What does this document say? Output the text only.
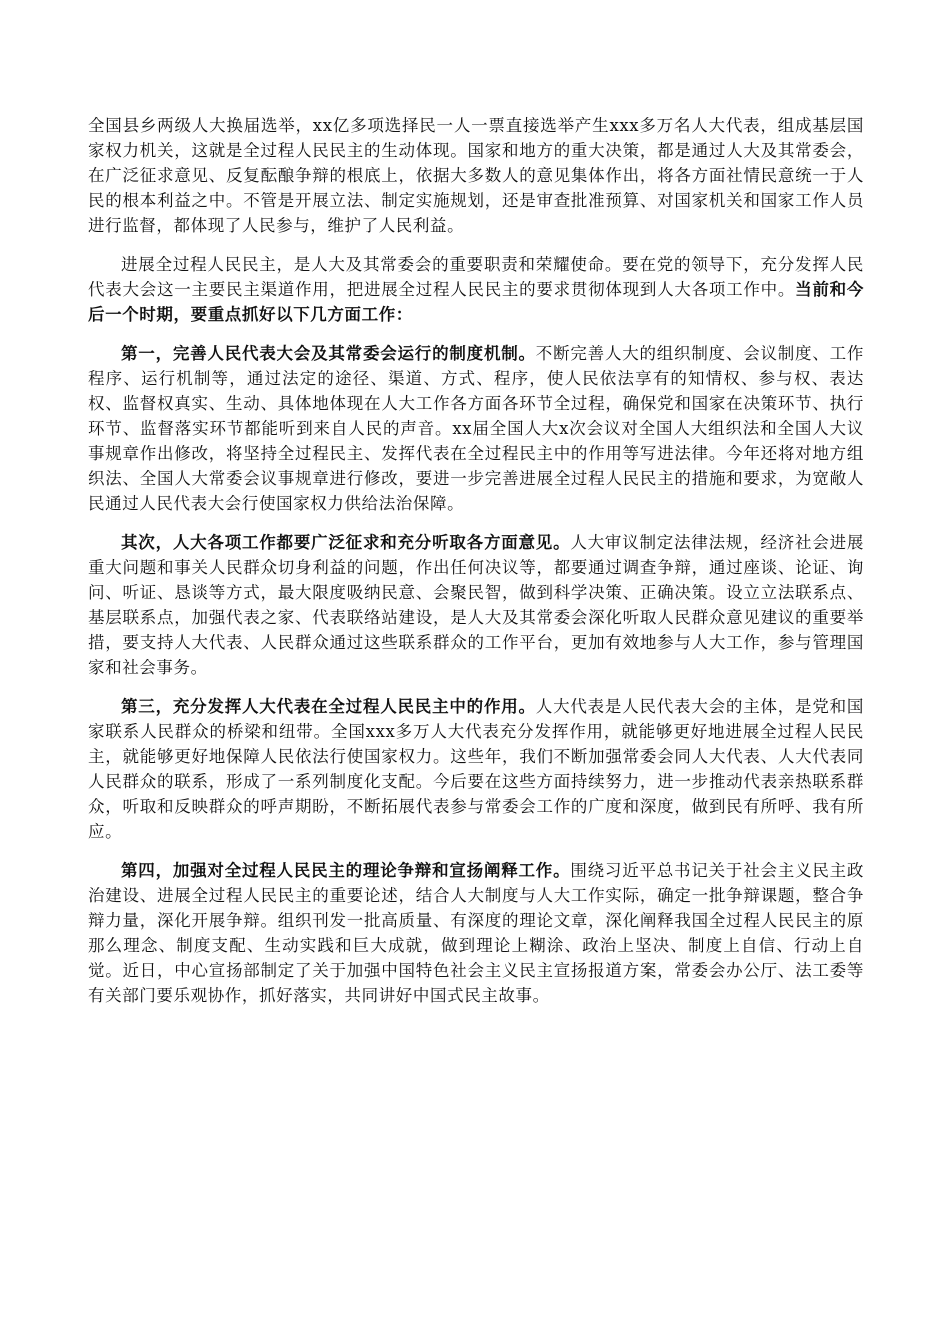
全国县乡两级人大换届选举，xx亿多项选择民一人一票直接选举产生xxx多万名人大代表，组成基层国家权力机关，这就是全过程人民民主的生动体现。国家和地方的重大决策，都是通过人大及其常委会，在广泛征求意见、反复酝酿争辩的根底上，依据大多数人的意见集体作出，将各方面社情民意统一于人民的根本利益之中。不管是开展立法、制定实施规划，还是审查批准预算、对国家机关和国家工作人员进行监督，都体现了人民参与，维护了人民利益。

进展全过程人民民主，是人大及其常委会的重要职责和荣耀使命。要在党的领导下，充分发挥人民代表大会这一主要民主渠道作用，把进展全过程人民民主的要求贯彻体现到人大各项工作中。当前和今后一个时期，要重点抓好以下几方面工作：

第一，完善人民代表大会及其常委会运行的制度机制。不断完善人大的组织制度、会议制度、工作程序、运行机制等，通过法定的途径、渠道、方式、程序，使人民依法享有的知情权、参与权、表达权、监督权真实、生动、具体地体现在人大工作各方面各环节全过程，确保党和国家在决策环节、执行环节、监督落实环节都能听到来自人民的声音。xx届全国人大x次会议对全国人大组织法和全国人大议事规章作出修改，将坚持全过程民主、发挥代表在全过程民主中的作用等写进法律。今年还将对地方组织法、全国人大常委会议事规章进行修改，要进一步完善进展全过程人民民主的措施和要求，为宽敞人民通过人民代表大会行使国家权力供给法治保障。

其次，人大各项工作都要广泛征求和充分听取各方面意见。人大审议制定法律法规，经济社会进展重大问题和事关人民群众切身利益的问题，作出任何决议等，都要通过调查争辩，通过座谈、论证、询问、听证、恳谈等方式，最大限度吸纳民意、会聚民智，做到科学决策、正确决策。设立立法联系点、基层联系点，加强代表之家、代表联络站建设，是人大及其常委会深化听取人民群众意见建议的重要举措，要支持人大代表、人民群众通过这些联系群众的工作平台，更加有效地参与人大工作，参与管理国家和社会事务。

第三，充分发挥人大代表在全过程人民民主中的作用。人大代表是人民代表大会的主体，是党和国家联系人民群众的桥梁和纽带。全国xxx多万人大代表充分发挥作用，就能够更好地进展全过程人民民主，就能够更好地保障人民依法行使国家权力。这些年，我们不断加强常委会同人大代表、人大代表同人民群众的联系，形成了一系列制度化支配。今后要在这些方面持续努力，进一步推动代表亲热联系群众，听取和反映群众的呼声期盼，不断拓展代表参与常委会工作的广度和深度，做到民有所呼、我有所应。

第四，加强对全过程人民民主的理论争辩和宣扬阐释工作。围绕习近平总书记关于社会主义民主政治建设、进展全过程人民民主的重要论述，结合人大制度与人大工作实际，确定一批争辩课题，整合争辩力量，深化开展争辩。组织刊发一批高质量、有深度的理论文章，深化阐释我国全过程人民民主的原那么理念、制度支配、生动实践和巨大成就，做到理论上糊涂、政治上坚决、制度上自信、行动上自觉。近日，中心宣扬部制定了关于加强中国特色社会主义民主宣扬报道方案，常委会办公厅、法工委等有关部门要乐观协作，抓好落实，共同讲好中国式民主故事。
